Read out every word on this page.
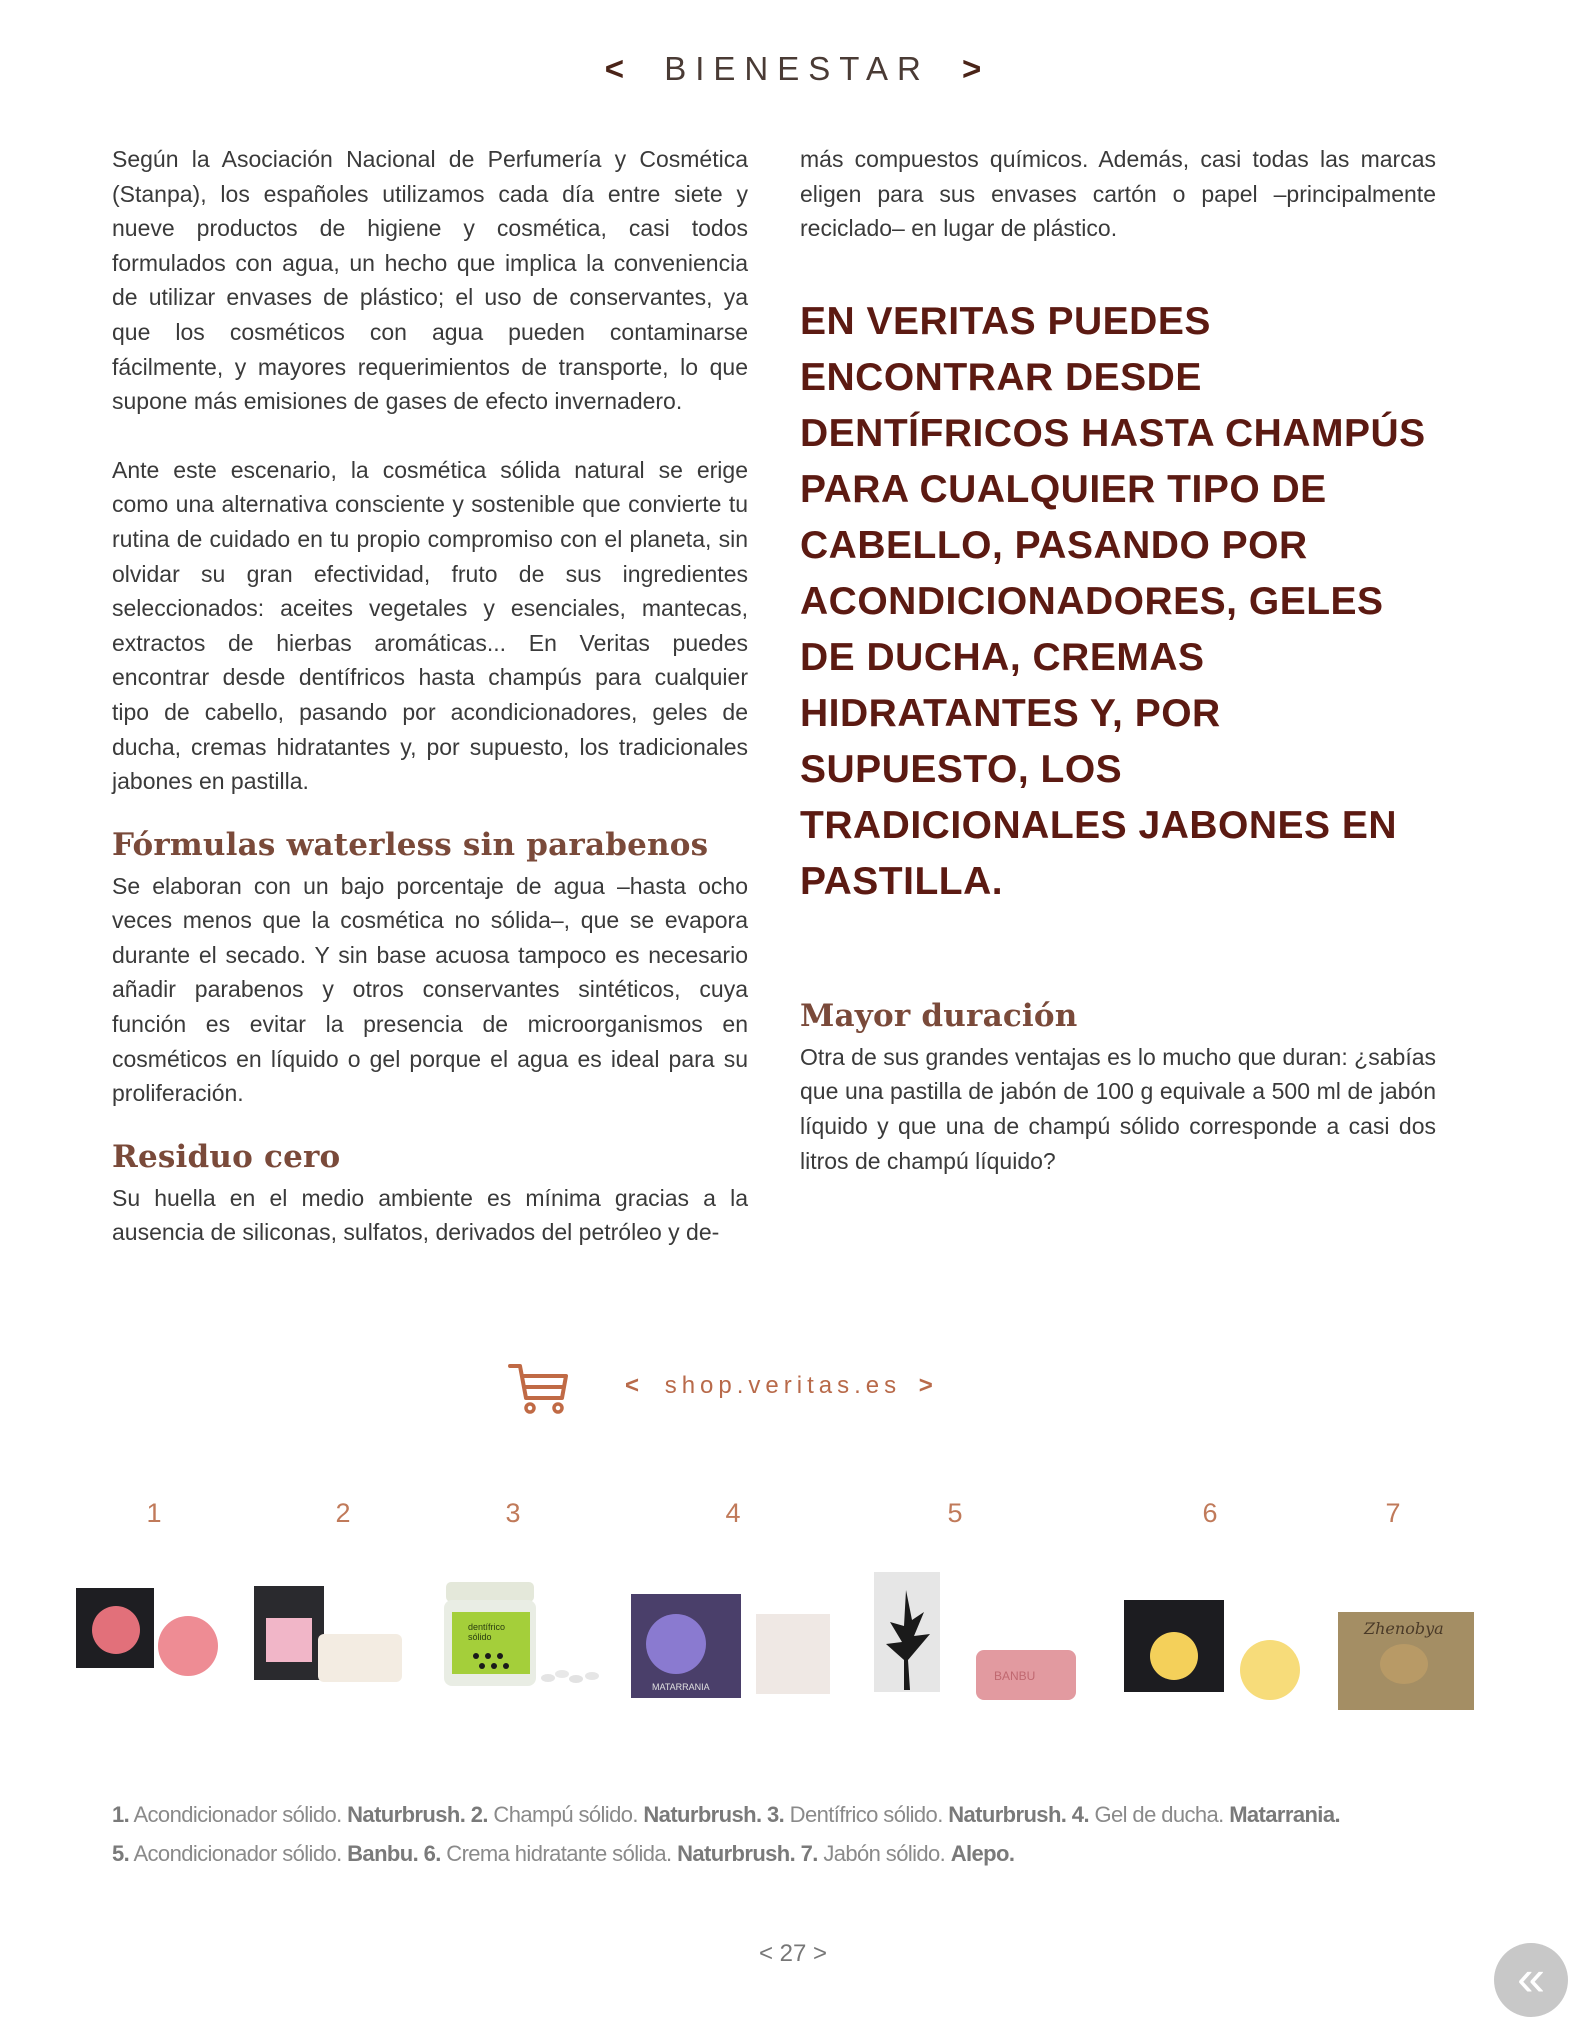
< BIENESTAR >

Según la Asociación Nacional de Perfumería y Cosmética (Stanpa), los españoles utilizamos cada día entre siete y nueve productos de higiene y cosmética, casi todos formulados con agua, un hecho que implica la conveniencia de utilizar envases de plástico; el uso de conservantes, ya que los cosméticos con agua pueden contaminarse fácilmente, y mayores requerimientos de transporte, lo que supone más emisiones de gases de efecto invernadero.

Ante este escenario, la cosmética sólida natural se erige como una alternativa consciente y sostenible que convierte tu rutina de cuidado en tu propio compromiso con el planeta, sin olvidar su gran efectividad, fruto de sus ingredientes seleccionados: aceites vegetales y esenciales, mantecas, extractos de hierbas aromáticas... En Veritas puedes encontrar desde dentífricos hasta champús para cualquier tipo de cabello, pasando por acondicionadores, geles de ducha, cremas hidratantes y, por supuesto, los tradicionales jabones en pastilla.

Fórmulas waterless sin parabenos

Se elaboran con un bajo porcentaje de agua –hasta ocho veces menos que la cosmética no sólida–, que se evapora durante el secado. Y sin base acuosa tampoco es necesario añadir parabenos y otros conservantes sintéticos, cuya función es evitar la presencia de microorganismos en cosméticos en líquido o gel porque el agua es ideal para su proliferación.

Residuo cero

Su huella en el medio ambiente es mínima gracias a la ausencia de siliconas, sulfatos, derivados del petróleo y de-

más compuestos químicos. Además, casi todas las marcas eligen para sus envases cartón o papel –principalmente reciclado– en lugar de plástico.

EN VERITAS PUEDES ENCONTRAR DESDE DENTÍFRICOS HASTA CHAMPÚS PARA CUALQUIER TIPO DE CABELLO, PASANDO POR ACONDICIONADORES, GELES DE DUCHA, CREMAS HIDRATANTES Y, POR SUPUESTO, LOS TRADICIONALES JABONES EN PASTILLA.
Mayor duración

Otra de sus grandes ventajas es lo mucho que duran: ¿sabías que una pastilla de jabón de 100 g equivale a 500 ml de jabón líquido y que una de champú sólido corresponde a casi dos litros de champú líquido?

< shop.veritas.es >
1	2	3	4	5	6	7
dentífrico
sólido
MATARRANIA
BANBU
Zhenobya
1. Acondicionador sólido. Naturbrush. 2. Champú sólido. Naturbrush. 3. Dentífrico sólido. Naturbrush. 4. Gel de ducha. Matarrania.
5. Acondicionador sólido. Banbu. 6. Crema hidratante sólida. Naturbrush. 7. Jabón sólido. Alepo.
< 27 >	«
